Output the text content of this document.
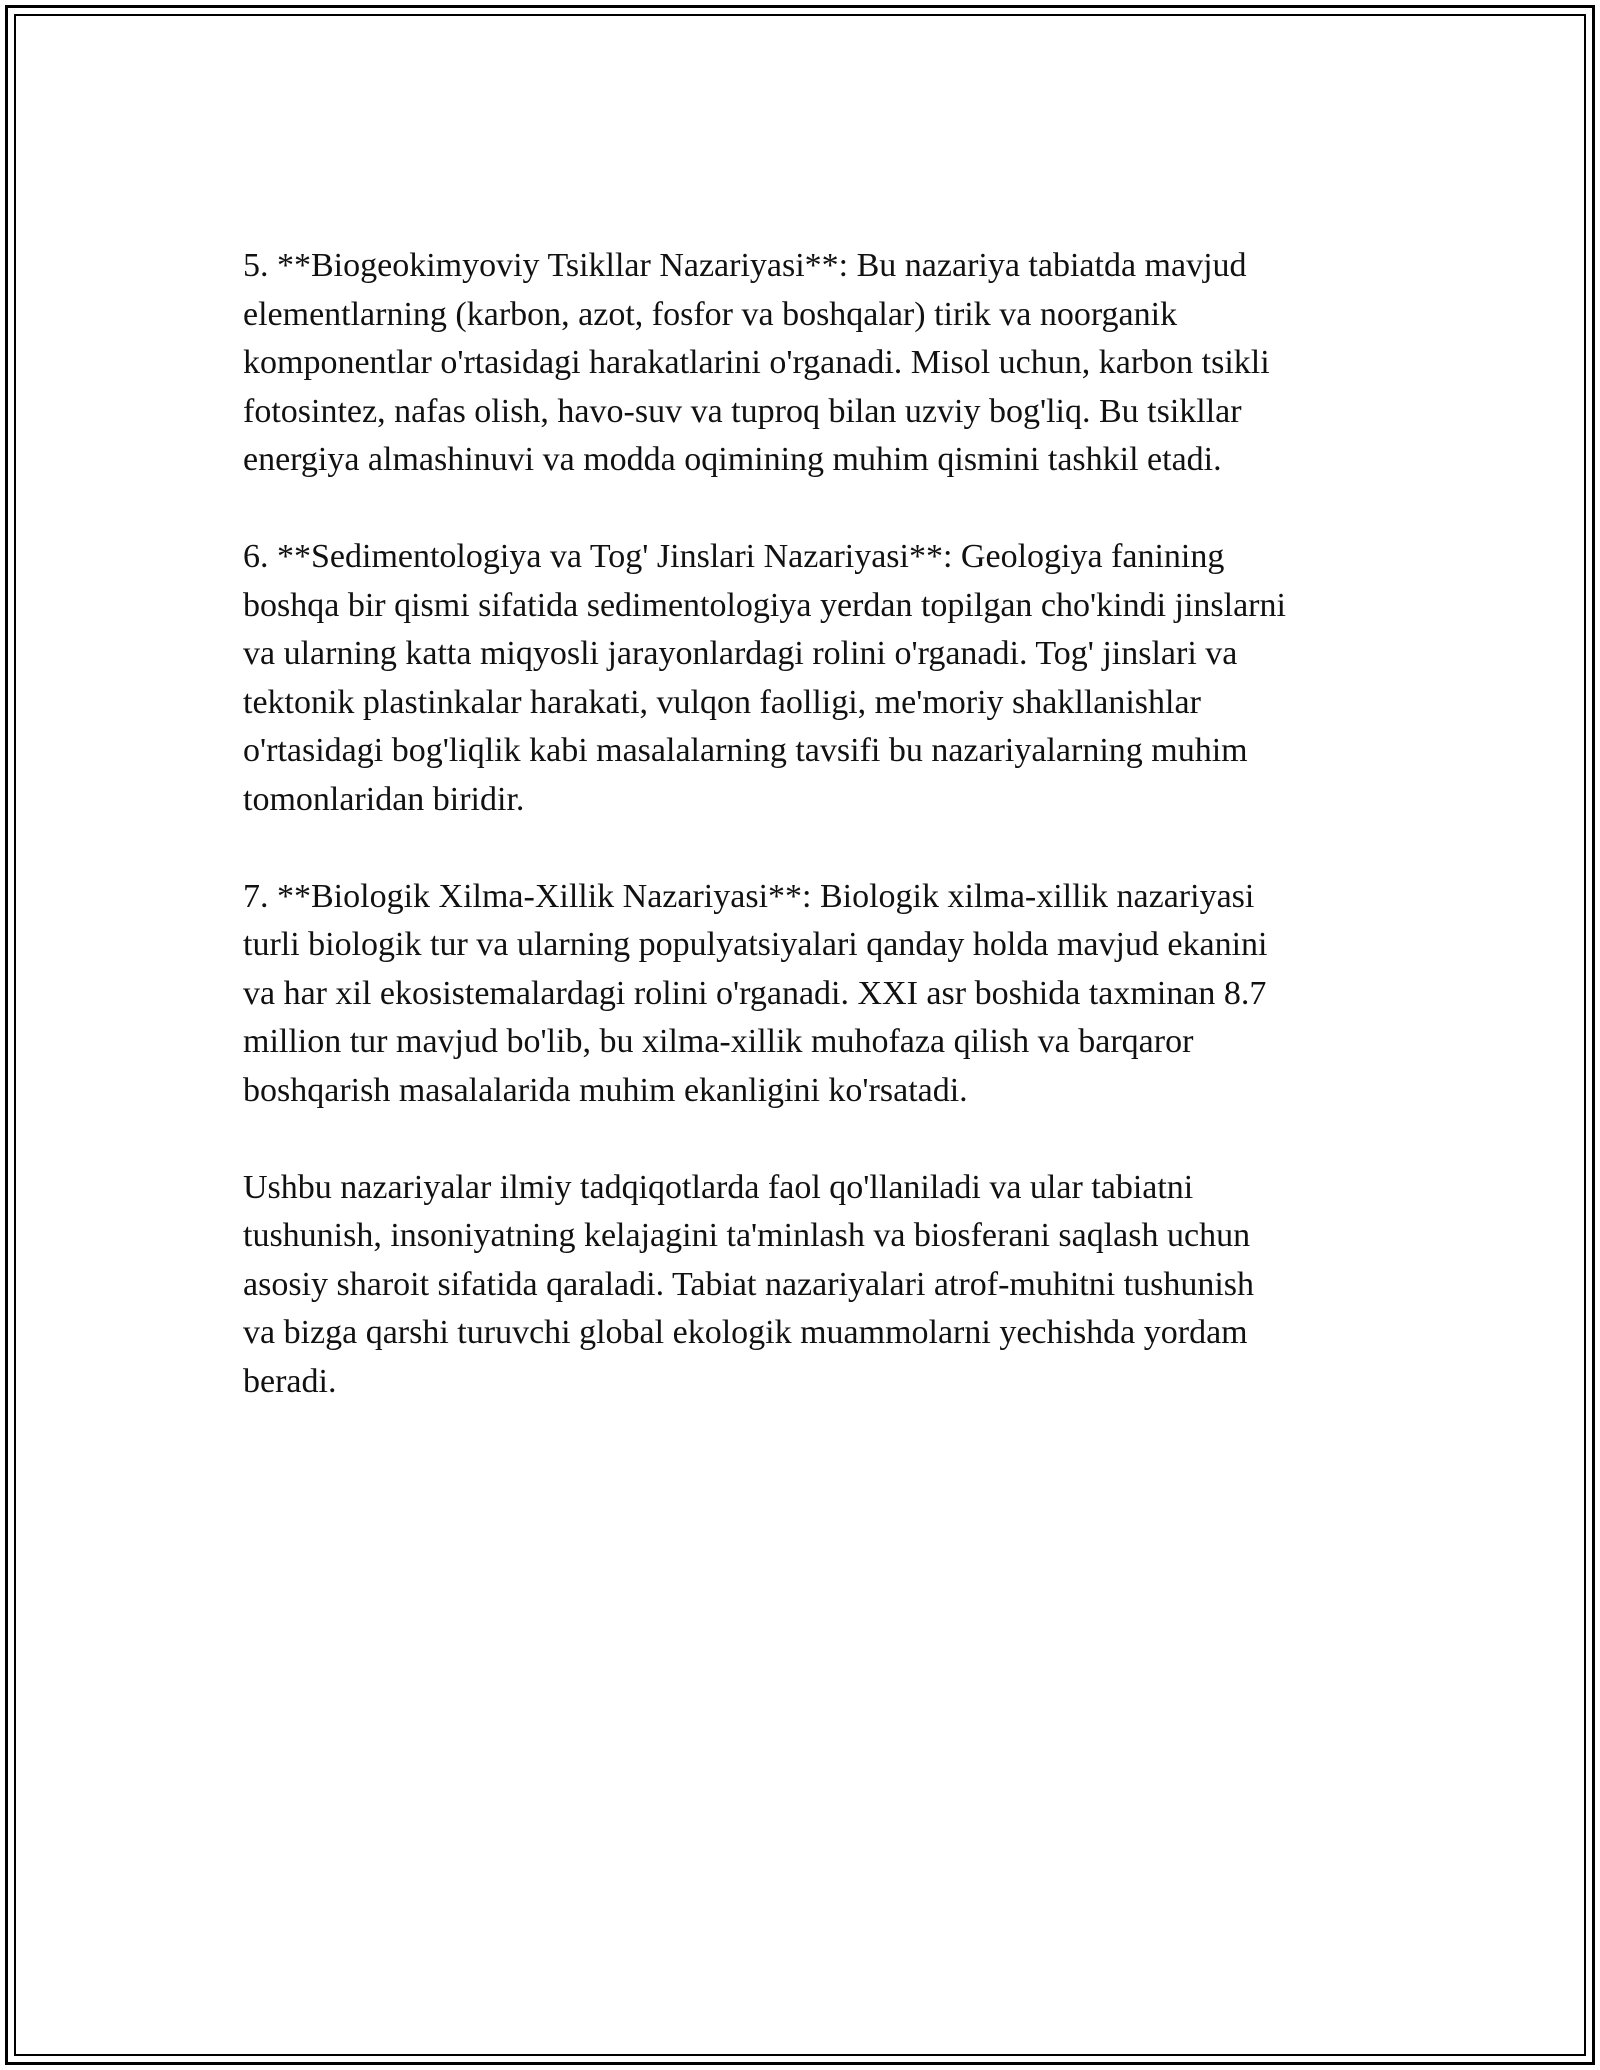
5. **Biogeokimyoviy Tsikllar Nazariyasi**: Bu nazariya tabiatda mavjud
elementlarning (karbon, azot, fosfor va boshqalar) tirik va noorganik
komponentlar o'rtasidagi harakatlarini o'rganadi. Misol uchun, karbon tsikli
fotosintez, nafas olish, havo-suv va tuproq bilan uzviy bog'liq. Bu tsikllar
energiya almashinuvi va modda oqimining muhim qismini tashkil etadi.

6. **Sedimentologiya va Tog' Jinslari Nazariyasi**: Geologiya fanining
boshqa bir qismi sifatida sedimentologiya yerdan topilgan cho'kindi jinslarni
va ularning katta miqyosli jarayonlardagi rolini o'rganadi. Tog' jinslari va
tektonik plastinkalar harakati, vulqon faolligi, me'moriy shakllanishlar
o'rtasidagi bog'liqlik kabi masalalarning tavsifi bu nazariyalarning muhim
tomonlaridan biridir.

7. **Biologik Xilma-Xillik Nazariyasi**: Biologik xilma-xillik nazariyasi
turli biologik tur va ularning populyatsiyalari qanday holda mavjud ekanini
va har xil ekosistemalardagi rolini o'rganadi. XXI asr boshida taxminan 8.7
million tur mavjud bo'lib, bu xilma-xillik muhofaza qilish va barqaror
boshqarish masalalarida muhim ekanligini ko'rsatadi.

Ushbu nazariyalar ilmiy tadqiqotlarda faol qo'llaniladi va ular tabiatni
tushunish, insoniyatning kelajagini ta'minlash va biosferani saqlash uchun
asosiy sharoit sifatida qaraladi. Tabiat nazariyalari atrof-muhitni tushunish
va bizga qarshi turuvchi global ekologik muammolarni yechishda yordam
beradi.
